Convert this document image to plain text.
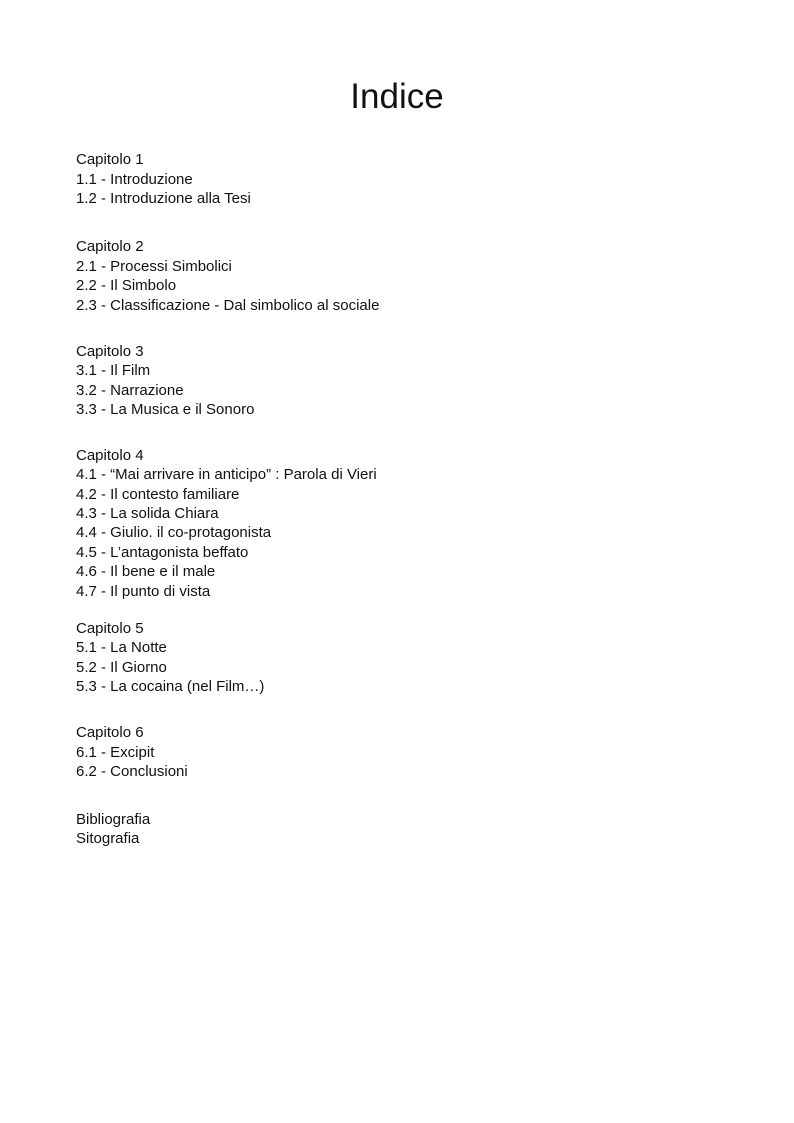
Indice
Capitolo 1
1.1 - Introduzione
1.2 - Introduzione alla Tesi
Capitolo 2
2.1 - Processi Simbolici
2.2 - Il Simbolo
2.3 - Classificazione - Dal simbolico al sociale
Capitolo 3
3.1 - Il Film
3.2 - Narrazione
3.3 - La Musica e il Sonoro
Capitolo 4
4.1 - “Mai arrivare in anticipo” : Parola di Vieri
4.2 - Il contesto familiare
4.3 - La solida Chiara
4.4 - Giulio. il co-protagonista
4.5 - L’antagonista beffato
4.6 - Il bene e il male
4.7 - Il punto di vista
Capitolo 5
5.1 - La Notte
5.2 - Il Giorno
5.3 - La cocaina (nel Film…)
Capitolo 6
6.1 - Excipit
6.2 - Conclusioni
Bibliografia
Sitografia
